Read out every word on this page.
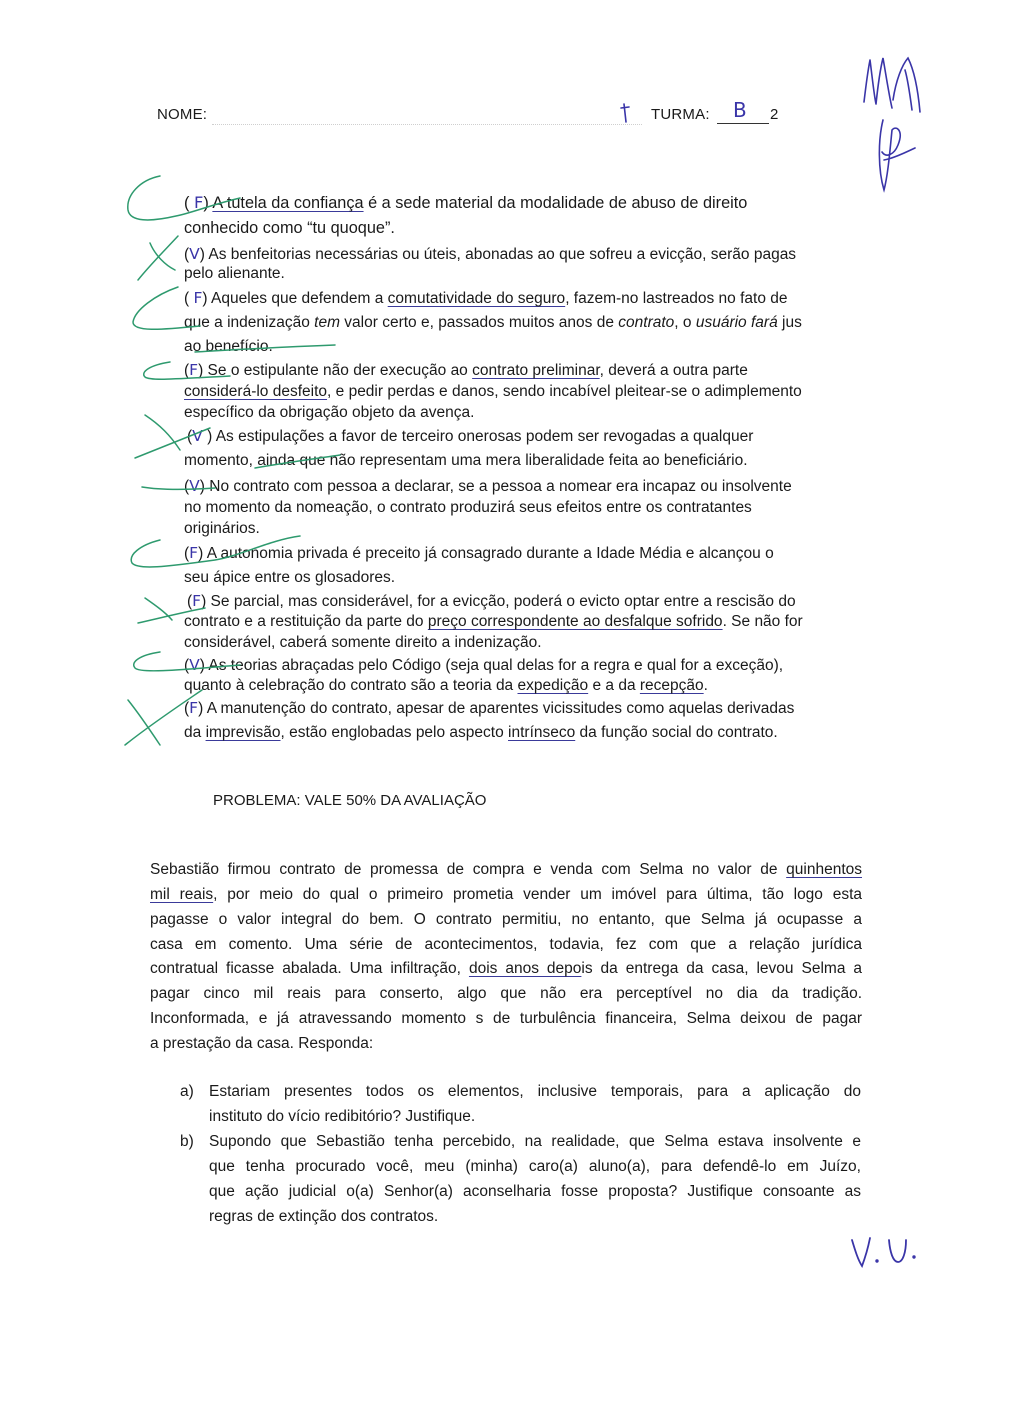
NOME:	TURMA: B 2
( F) A tutela da confiança é a sede material da modalidade de abuso de direito
conhecido como “tu quoque”.
(V) As benfeitorias necessárias ou úteis, abonadas ao que sofreu a evicção, serão pagas
pelo alienante.
( F) Aqueles que defendem a comutatividade do seguro, fazem-no lastreados no fato de
que a indenização tem valor certo e, passados muitos anos de contrato, o usuário fará jus
ao benefício.
(F) Se o estipulante não der execução ao contrato preliminar, deverá a outra parte
considerá-lo desfeito, e pedir perdas e danos, sendo incabível pleitear-se o adimplemento
específico da obrigação objeto da avença.
(V ) As estipulações a favor de terceiro onerosas podem ser revogadas a qualquer
momento, ainda que não representam uma mera liberalidade feita ao beneficiário.
(V) No contrato com pessoa a declarar, se a pessoa a nomear era incapaz ou insolvente
no momento da nomeação, o contrato produzirá seus efeitos entre os contratantes
originários.
(F) A autonomia privada é preceito já consagrado durante a Idade Média e alcançou o
seu ápice entre os glosadores.
(F) Se parcial, mas considerável, for a evicção, poderá o evicto optar entre a rescisão do
contrato e a restituição da parte do preço correspondente ao desfalque sofrido. Se não for
considerável, caberá somente direito a indenização.
(V) As teorias abraçadas pelo Código (seja qual delas for a regra e qual for a exceção),
quanto à celebração do contrato são a teoria da expedição e a da recepção.
(F) A manutenção do contrato, apesar de aparentes vicissitudes como aquelas derivadas
da imprevisão, estão englobadas pelo aspecto intrínseco da função social do contrato.
PROBLEMA: VALE 50% DA AVALIAÇÃO
Sebastião firmou contrato de promessa de compra e venda com Selma no valor de quinhentos
mil reais, por meio do qual o primeiro prometia vender um imóvel para última, tão logo esta
pagasse o valor integral do bem. O contrato permitiu, no entanto, que Selma já ocupasse a
casa em comento. Uma série de acontecimentos, todavia, fez com que a relação jurídica
contratual ficasse abalada. Uma infiltração, dois anos depois da entrega da casa, levou Selma a
pagar cinco mil reais para conserto, algo que não era perceptível no dia da tradição.
Inconformada, e já atravessando momento s de turbulência financeira, Selma deixou de pagar
a prestação da casa. Responda:
a) Estariam presentes todos os elementos, inclusive temporais, para a aplicação do
instituto do vício redibitório? Justifique.
b) Supondo que Sebastião tenha percebido, na realidade, que Selma estava insolvente e
que tenha procurado você, meu (minha) caro(a) aluno(a), para defendê-lo em Juízo,
que ação judicial o(a) Senhor(a) aconselharia fosse proposta? Justifique consoante as
regras de extinção dos contratos.
